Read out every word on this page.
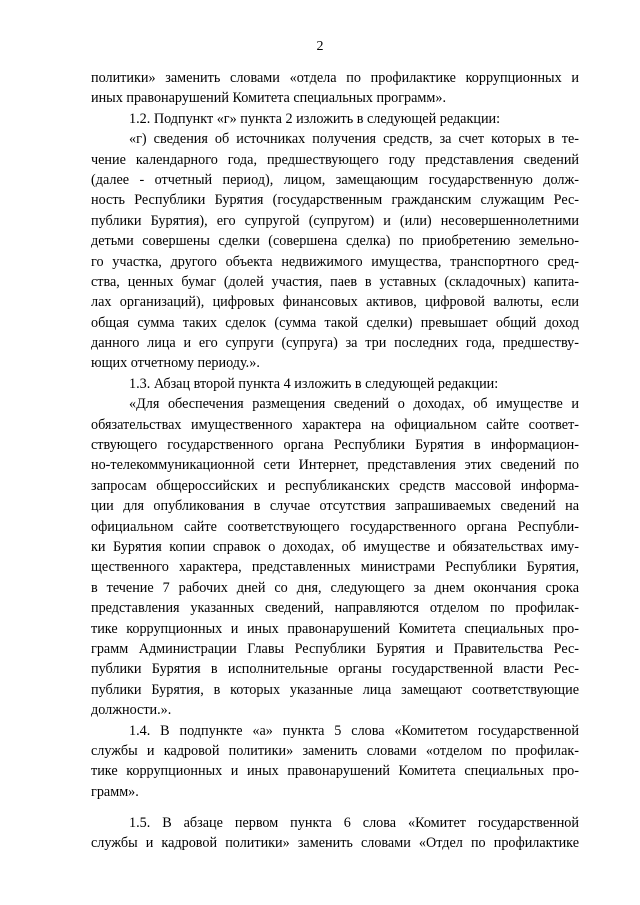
2
политики» заменить словами «отдела по профилактике коррупционных и
иных правонарушений Комитета специальных программ».
1.2. Подпункт «г» пункта 2 изложить в следующей редакции:
«г) сведения об источниках получения средств, за счет которых в те-
чение календарного года, предшествующего году представления сведений
(далее - отчетный период), лицом, замещающим государственную долж-
ность Республики Бурятия (государственным гражданским служащим Рес-
публики Бурятия), его супругой (супругом) и (или) несовершеннолетними
детьми совершены сделки (совершена сделка) по приобретению земельно-
го участка, другого объекта недвижимого имущества, транспортного сред-
ства, ценных бумаг (долей участия, паев в уставных (складочных) капита-
лах организаций), цифровых финансовых активов, цифровой валюты, если
общая сумма таких сделок (сумма такой сделки) превышает общий доход
данного лица и его супруги (супруга) за три последних года, предшеству-
ющих отчетному периоду.».
1.3. Абзац второй пункта 4 изложить в следующей редакции:
«Для обеспечения размещения сведений о доходах, об имуществе и
обязательствах имущественного характера на официальном сайте соответ-
ствующего государственного органа Республики Бурятия в информацион-
но-телекоммуникационной сети Интернет, представления этих сведений по
запросам общероссийских и республиканских средств массовой информа-
ции для опубликования в случае отсутствия запрашиваемых сведений на
официальном сайте соответствующего государственного органа Республи-
ки Бурятия копии справок о доходах, об имуществе и обязательствах иму-
щественного характера, представленных министрами Республики Бурятия,
в течение 7 рабочих дней со дня, следующего за днем окончания срока
представления указанных сведений, направляются отделом по профилак-
тике коррупционных и иных правонарушений Комитета специальных про-
грамм Администрации Главы Республики Бурятия и Правительства Рес-
публики Бурятия в исполнительные органы государственной власти Рес-
публики Бурятия, в которых указанные лица замещают соответствующие
должности.».
1.4. В подпункте «а» пункта 5 слова «Комитетом государственной
службы и кадровой политики» заменить словами «отделом по профилак-
тике коррупционных и иных правонарушений Комитета специальных про-
грамм».
1.5. В абзаце первом пункта 6 слова «Комитет государственной
службы и кадровой политики» заменить словами «Отдел по профилактике
